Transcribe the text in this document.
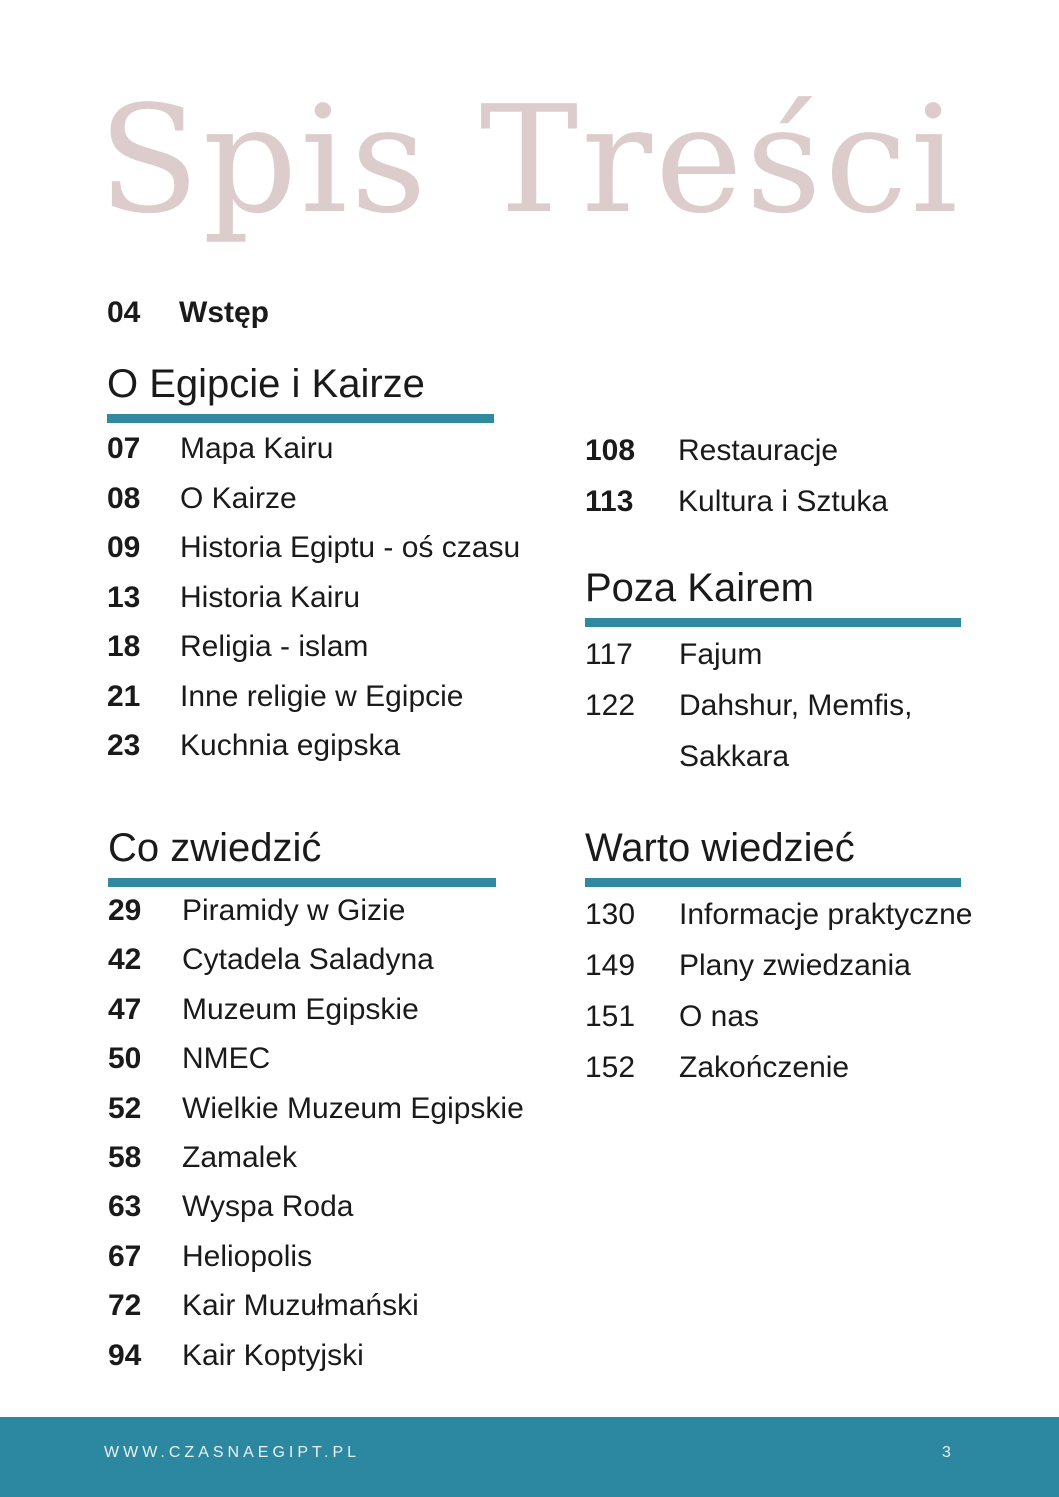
Spis Treści
04 Wstęp
O Egipcie i Kairze
07	Mapa Kairu
08	O Kairze
09	Historia Egiptu - oś czasu
13	Historia Kairu
18	Religia - islam
21	Inne religie w Egipcie
23	Kuchnia egipska
108	Restauracje
113	Kultura i Sztuka
Poza Kairem
117	Fajum
122	Dahshur, Memfis,
Sakkara
Co zwiedzić
29	Piramidy w Gizie
42	Cytadela Saladyna
47	Muzeum Egipskie
50	NMEC
52	Wielkie Muzeum Egipskie
58	Zamalek
63	Wyspa Roda
67	Heliopolis
72	Kair Muzułmański
94	Kair Koptyjski
Warto wiedzieć
130	Informacje praktyczne
149	Plany zwiedzania
151	O nas
152	Zakończenie
WWW.CZASNAEGIPT.PL	3
